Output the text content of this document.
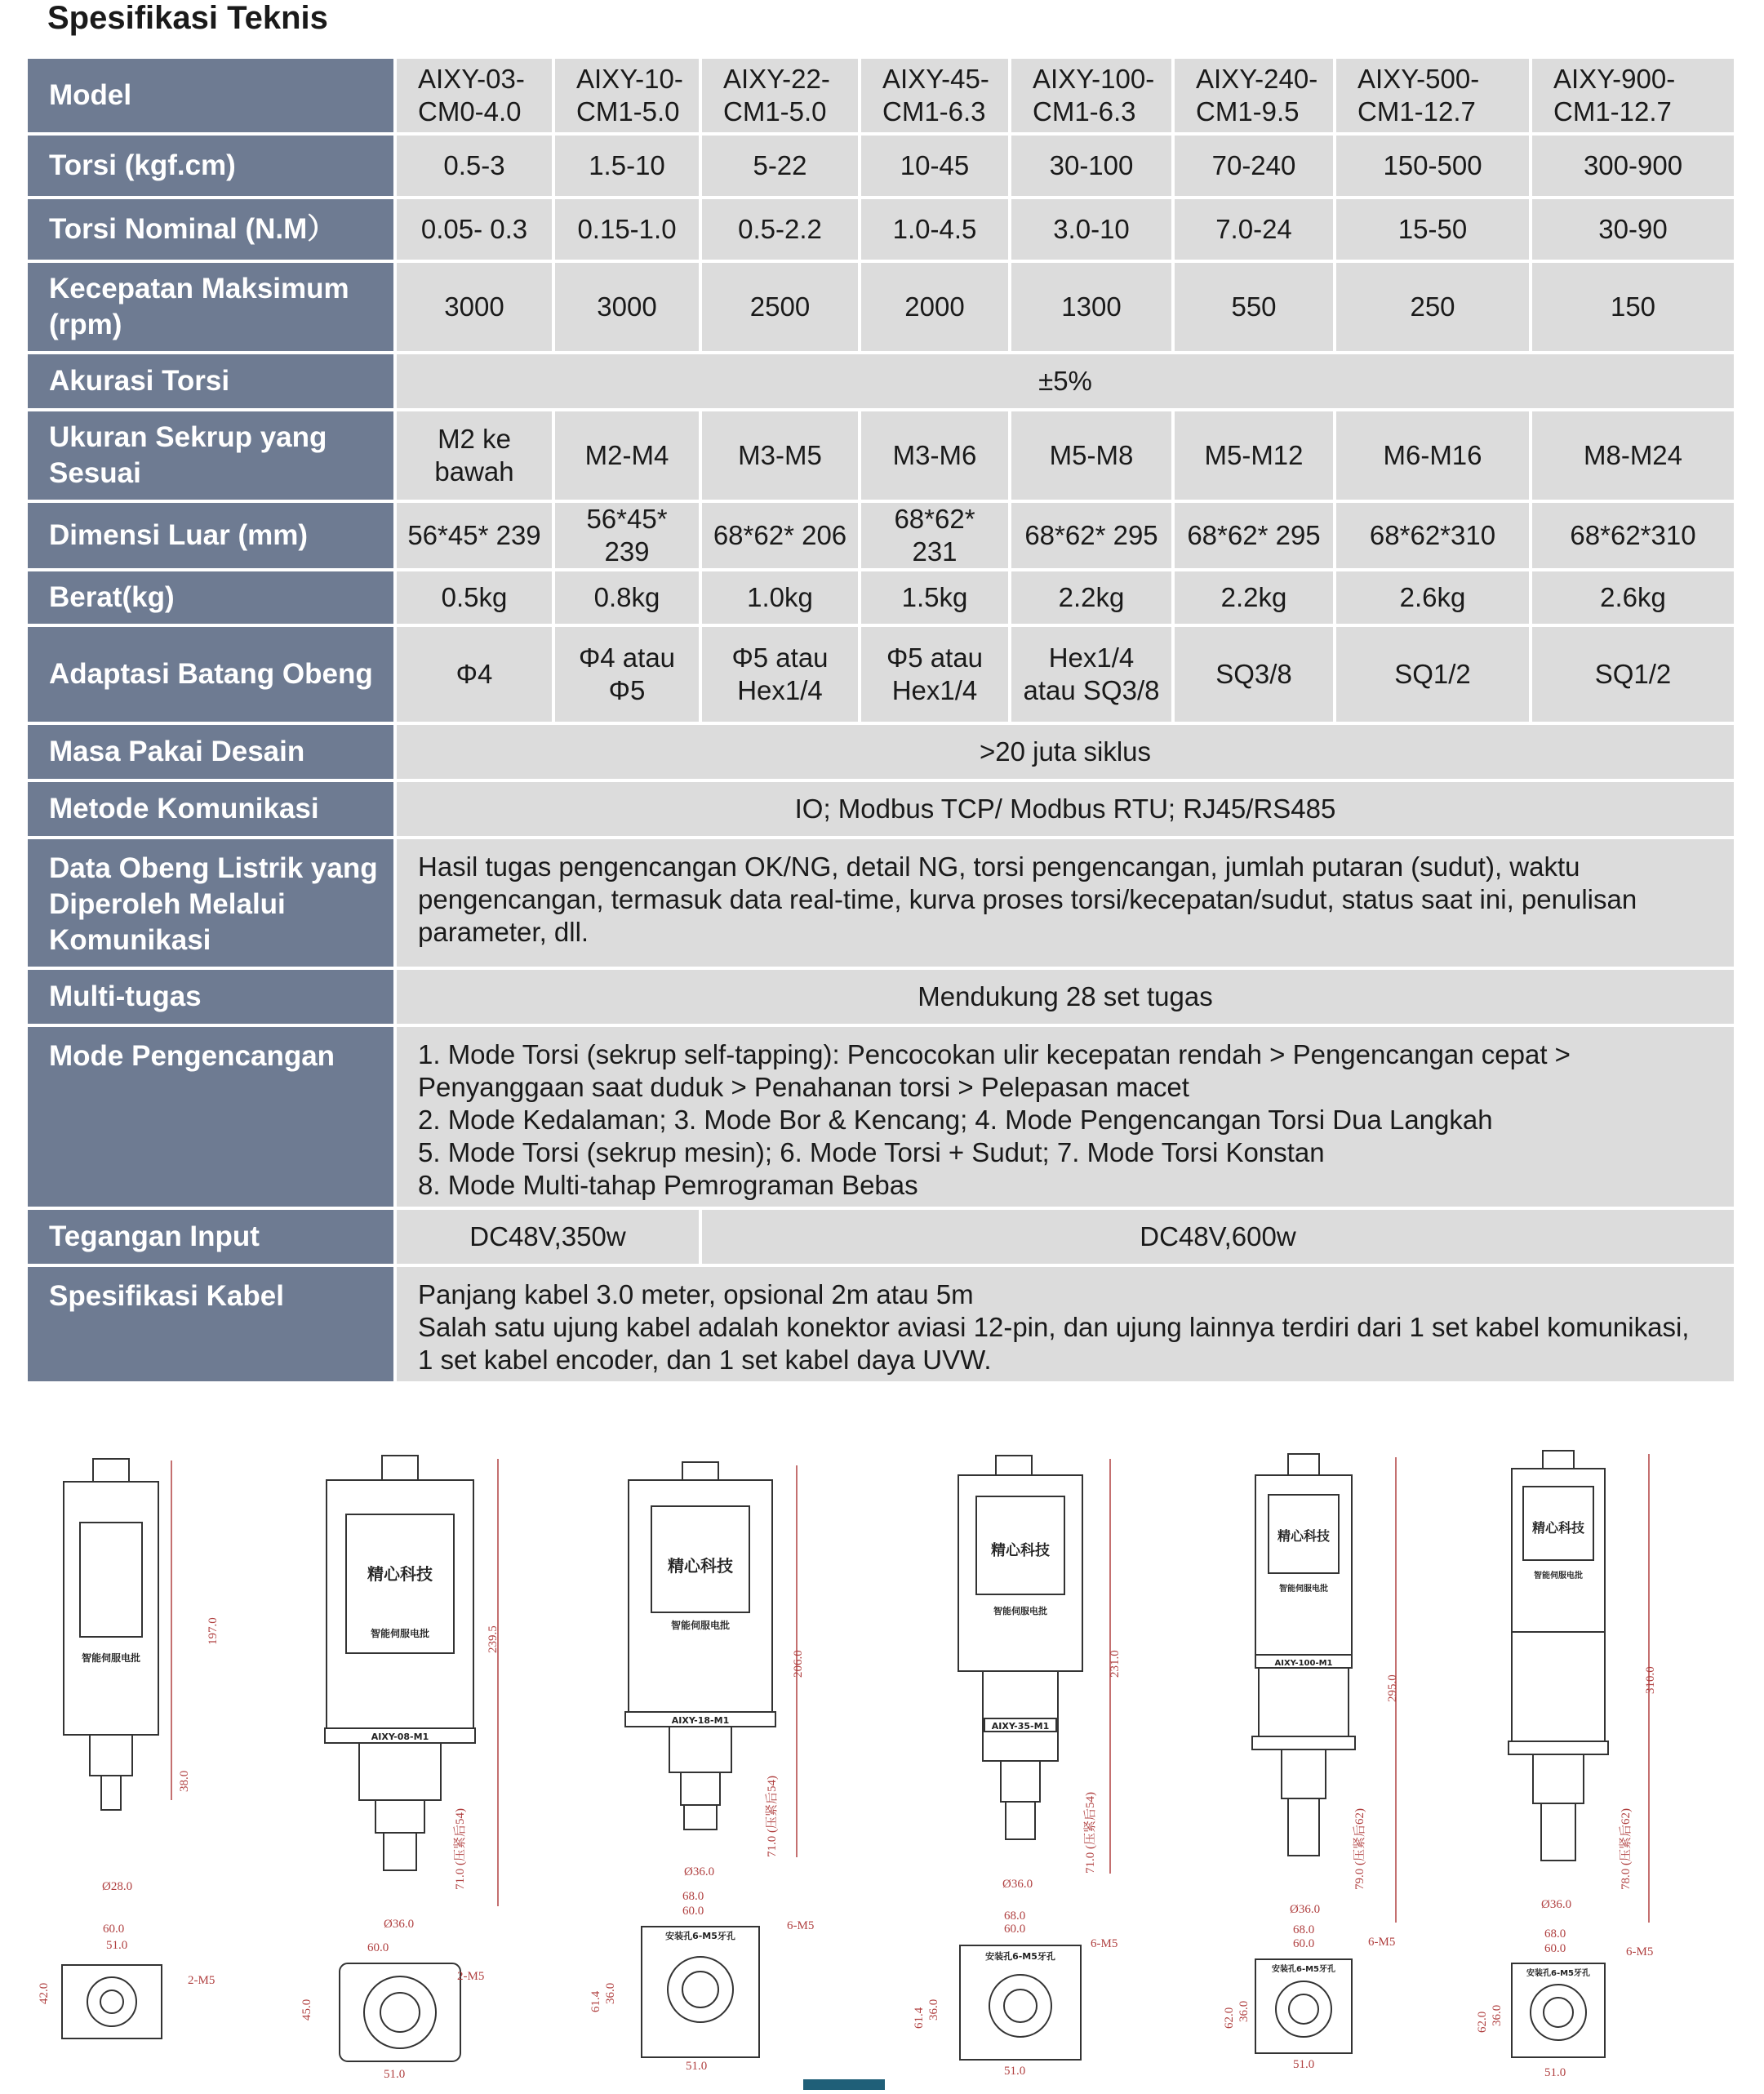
Spesifikasi Teknis
Model	AIXY-03-CM0-4.0	AIXY-10-CM1-5.0	AIXY-22-CM1-5.0	AIXY-45-CM1-6.3	AIXY-100-CM1-6.3	AIXY-240-CM1-9.5	AIXY-500-CM1-12.7	AIXY-900-CM1-12.7
Torsi (kgf.cm)	0.5-3	1.5-10	5-22	10-45	30-100	70-240	150-500	300-900
Torsi Nominal (N.M）	0.05- 0.3	0.15-1.0	0.5-2.2	1.0-4.5	3.0-10	7.0-24	15-50	30-90
Kecepatan Maksimum (rpm)	3000	3000	2500	2000	1300	550	250	150
Akurasi Torsi	±5%							
Ukuran Sekrup yang Sesuai	M2 ke bawah	M2-M4	M3-M5	M3-M6	M5-M8	M5-M12	M6-M16	M8-M24
Dimensi Luar (mm)	56*45* 239	56*45* 239	68*62* 206	68*62* 231	68*62* 295	68*62* 295	68*62*310	68*62*310
Berat(kg)	0.5kg	0.8kg	1.0kg	1.5kg	2.2kg	2.2kg	2.6kg	2.6kg
Adaptasi Batang Obeng	Φ4	Φ4 atau Φ5	Φ5 atau Hex1/4	Φ5 atau Hex1/4	Hex1/4 atau SQ3/8	SQ3/8	SQ1/2	SQ1/2
Masa Pakai Desain	>20 juta siklus							
Metode Komunikasi	IO; Modbus TCP/ Modbus RTU; RJ45/RS485							
Data Obeng Listrik yang Diperoleh Melalui Komunikasi	Hasil tugas pengencangan OK/NG, detail NG, torsi pengencangan, jumlah putaran (sudut), waktu pengencangan, termasuk data real-time, kurva proses torsi/kecepatan/sudut, status saat ini, penulisan parameter, dll.							
Multi-tugas	Mendukung 28 set tugas							
Mode Pengencangan	1. Mode Torsi (sekrup self-tapping): Pencocokan ulir kecepatan rendah > Pengencangan cepat >
Penyanggaan saat duduk > Penahanan torsi > Pelepasan macet
2. Mode Kedalaman; 3. Mode Bor & Kencang; 4. Mode Pengencangan Torsi Dua Langkah
5. Mode Torsi (sekrup mesin); 6. Mode Torsi + Sudut; 7. Mode Torsi Konstan
8. Mode Multi-tahap Pemrograman Bebas							

Tegangan Input	DC48V,350w		DC48V,600w					
Spesifikasi Kabel	Panjang kabel 3.0 meter, opsional 2m atau 5m
Salah satu ujung kabel adalah konektor aviasi 12-pin, dan ujung lainnya terdiri dari 1 set kabel komunikasi,
1 set kabel encoder, dan 1 set kabel daya UVW.							
智能伺服电批
197.0
38.0
Ø28.0
60.0
51.0
42.0
2-M5
精心科技
智能伺服电批
AIXY-08-M1
239.5
71.0 (压紧后54)
Ø36.0
60.0
45.0
2-M5
51.0
精心科技
智能伺服电批
AIXY-18-M1
206.0
71.0 (压紧后54)
Ø36.0
68.0
60.0
安装孔6-M5牙孔
61.4 36.0
6-M5
51.0
精心科技
智能伺服电批
AIXY-35-M1
231.0
71.0 (压紧后54)
Ø36.0
68.0
60.0
安装孔6-M5牙孔
61.4 36.0
6-M5
51.0
精心科技
智能伺服电批
AIXY-100-M1
295.0
79.0 (压紧后62)
Ø36.0
68.0
60.0
安装孔6-M5牙孔
62.0 36.0
6-M5
51.0
精心科技
智能伺服电批
310.0
78.0 (压紧后62)
Ø36.0
68.0
60.0
安装孔6-M5牙孔
62.0 36.0
6-M5
51.0
